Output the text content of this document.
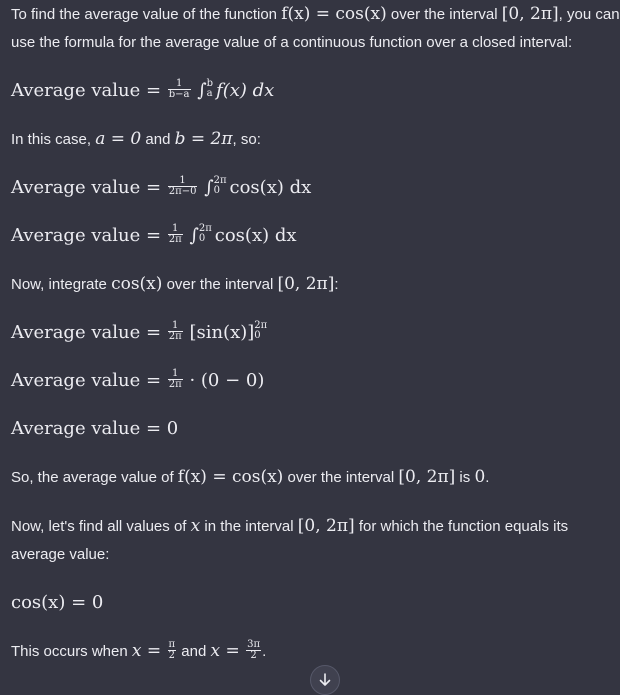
To find the average value of the function f(x) = cos(x) over the interval [0, 2π], you can use the formula for the average value of a continuous function over a closed interval:

Average value = $\frac{1}{b-a}$ ∫ b
a f(x) dx

In this case, a = 0 and b = 2π, so:

Average value = $\frac{1}{2\pi-0}$ ∫ 2π
0 cos(x) dx

Average value = $\frac{1}{2\pi}$ ∫ 2π
0 cos(x) dx

Now, integrate cos(x) over the interval [0, 2π]:

Average value = $\frac{1}{2\pi} [\sin(x)]$ 2π
0

Average value = $\frac{1}{2\pi} \cdot (0 - 0)$

Average value = 0

So, the average value of f(x) = cos(x) over the interval [0, 2π] is 0.

Now, let's find all values of x in the interval [0, 2π] for which the function equals its average value:

cos(x) = 0

This occurs when $x = \frac{\pi}{2}$ and $x = \frac{3\pi}{2}$ .
